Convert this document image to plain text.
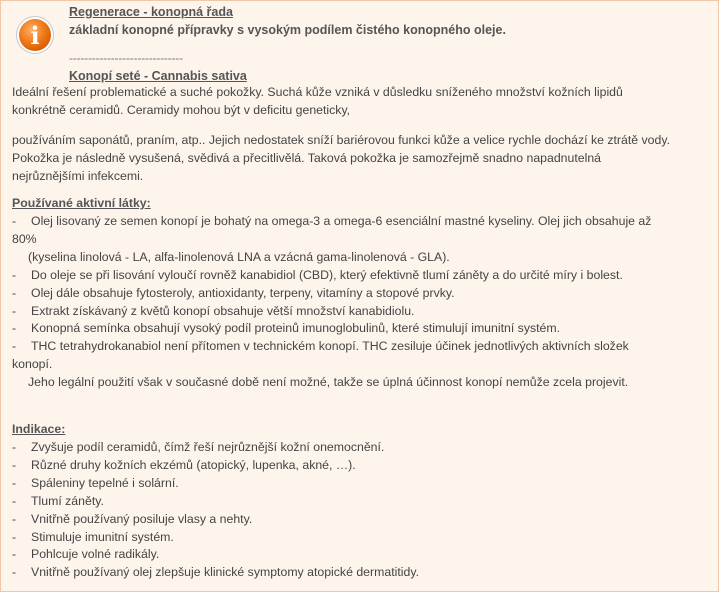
i
Regenerace - konopná řada
základní konopné přípravky s vysokým podílem čistého konopného oleje.
------------------------------
Konopí seté - Cannabis sativa
Ideální řešení problematické a suché pokožky. Suchá kůže vzniká v důsledku sníženého množství kožních lipidů
konkrétně ceramidů. Ceramidy mohou být v deficitu geneticky,
používáním saponátů, praním, atp.. Jejich nedostatek sníží bariérovou funkci kůže a velice rychle dochází ke ztrátě vody.
Pokožka je následně vysušená, svědivá a přecitlivělá. Taková pokožka je samozřejmě snadno napadnutelná
nejrůznějšími infekcemi.
Používané aktivní látky:
-	Olej lisovaný ze semen konopí je bohatý na omega-3 a omega-6 esenciální mastné kyseliny. Olej jich obsahuje až
80%
(kyselina linolová - LA, alfa-linolenová LNA a vzácná gama-linolenová - GLA).
-	Do oleje se při lisování vyloučí rovněž kanabidiol (CBD), který efektivně tlumí záněty a do určité míry i bolest.
-	Olej dále obsahuje fytosteroly, antioxidanty, terpeny, vitamíny a stopové prvky.
-	Extrakt získávaný z květů konopí obsahuje větší množství kanabidiolu.
-	Konopná semínka obsahují vysoký podíl proteinů imunoglobulinů, které stimulují imunitní systém.
-	THC tetrahydrokanabiol není přítomen v technickém konopí. THC zesiluje účinek jednotlivých aktivních složek
konopí.
Jeho legální použití však v současné době není možné, takže se úplná účinnost konopí nemůže zcela projevit.
Indikace:
-	Zvyšuje podíl ceramidů, čímž řeší nejrůznější kožní onemocnění.
-	Různé druhy kožních ekzémů (atopický, lupenka, akné, …).
-	Spáleniny tepelné i solární.
-	Tlumí záněty.
-	Vnitřně používaný posiluje vlasy a nehty.
-	Stimuluje imunitní systém.
-	Pohlcuje volné radikály.
-	Vnitřně používaný olej zlepšuje klinické symptomy atopické dermatitidy.
